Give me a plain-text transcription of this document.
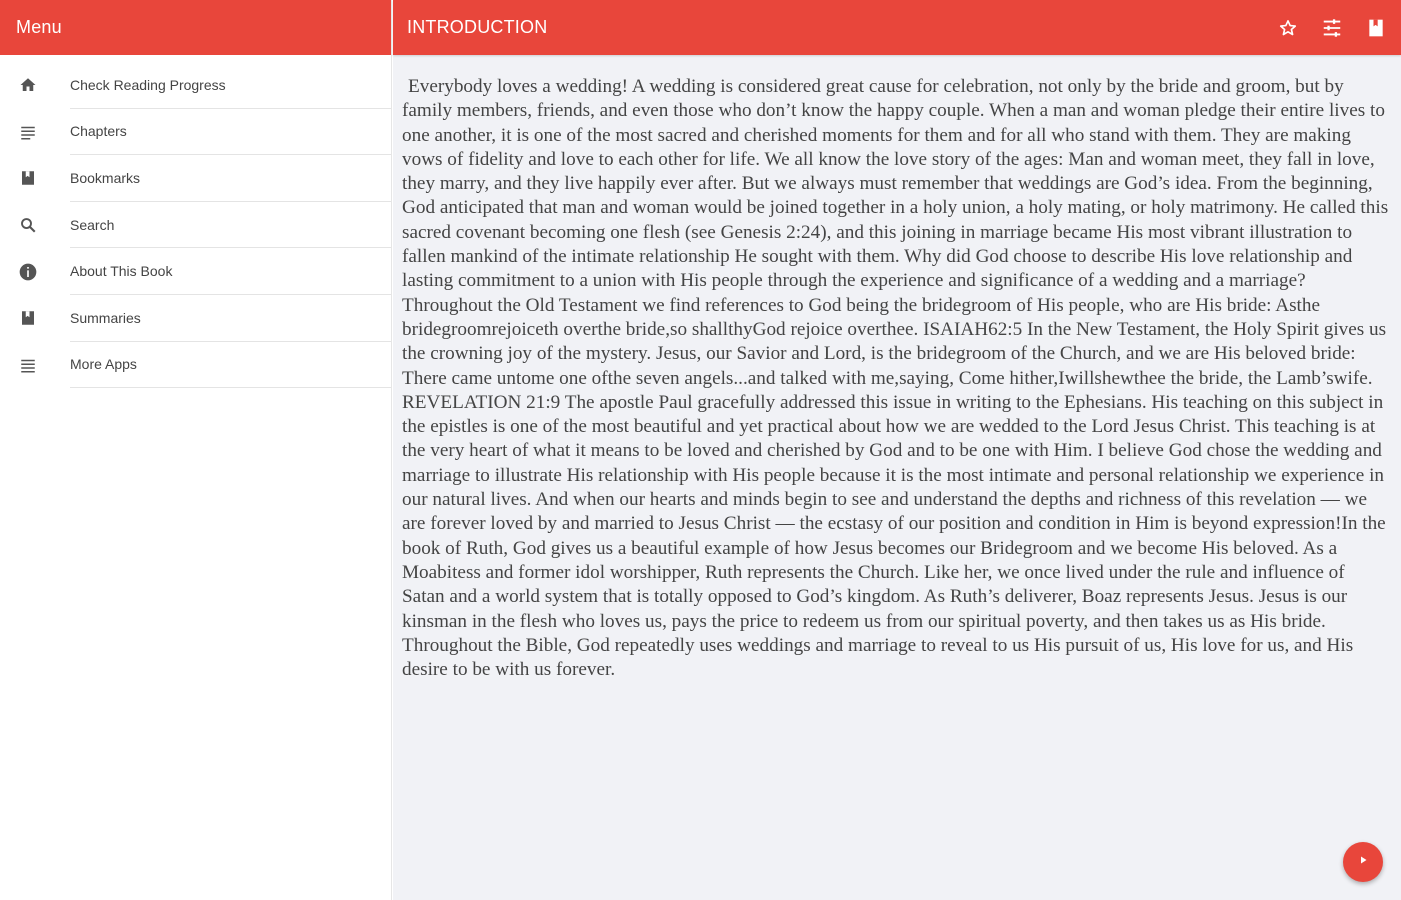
Menu
Check Reading Progress
Chapters
Bookmarks
Search
About This Book
Summaries
More Apps
INTRODUCTION

Everybody loves a wedding! A wedding is considered great cause for celebration, not only by the bride and groom, but by family members, friends, and even those who don’t know the happy couple. When a man and woman pledge their entire lives to one another, it is one of the most sacred and cherished moments for them and for all who stand with them. They are making vows of fidelity and love to each other for life. We all know the love story of the ages: Man and woman meet, they fall in love, they marry, and they live happily ever after. But we always must remember that weddings are God’s idea. From the beginning, God anticipated that man and woman would be joined together in a holy union, a holy mating, or holy matrimony. He called this sacred covenant becoming one flesh (see Genesis 2:24), and this joining in marriage became His most vibrant illustration to fallen mankind of the intimate relationship He sought with them. Why did God choose to describe His love relationship and lasting commitment to a union with His people through the experience and significance of a wedding and a marriage? Throughout the Old Testament we find references to God being the bridegroom of His people, who are His bride: Asthe bridegroomrejoiceth overthe bride,so shallthyGod rejoice overthee. ISAIAH62:5 In the New Testament, the Holy Spirit gives us the crowning joy of the mystery. Jesus, our Savior and Lord, is the bridegroom of the Church, and we are His beloved bride: There came untome one ofthe seven angels...and talked with me,saying, Come hither,Iwillshewthee the bride, the Lamb’swife. REVELATION 21:9 The apostle Paul gracefully addressed this issue in writing to the Ephesians. His teaching on this subject in the epistles is one of the most beautiful and yet practical about how we are wedded to the Lord Jesus Christ. This teaching is at the very heart of what it means to be loved and cherished by God and to be one with Him. I believe God chose the wedding and marriage to illustrate His relationship with His people because it is the most intimate and personal relationship we experience in our natural lives. And when our hearts and minds begin to see and understand the depths and richness of this revelation — we are forever loved by and married to Jesus Christ — the ecstasy of our position and condition in Him is beyond expression!In the book of Ruth, God gives us a beautiful example of how Jesus becomes our Bridegroom and we become His beloved. As a Moabitess and former idol worshipper, Ruth represents the Church. Like her, we once lived under the rule and influence of Satan and a world system that is totally opposed to God’s kingdom. As Ruth’s deliverer, Boaz represents Jesus. Jesus is our kinsman in the flesh who loves us, pays the price to redeem us from our spiritual poverty, and then takes us as His bride. Throughout the Bible, God repeatedly uses weddings and marriage to reveal to us His pursuit of us, His love for us, and His desire to be with us forever.
